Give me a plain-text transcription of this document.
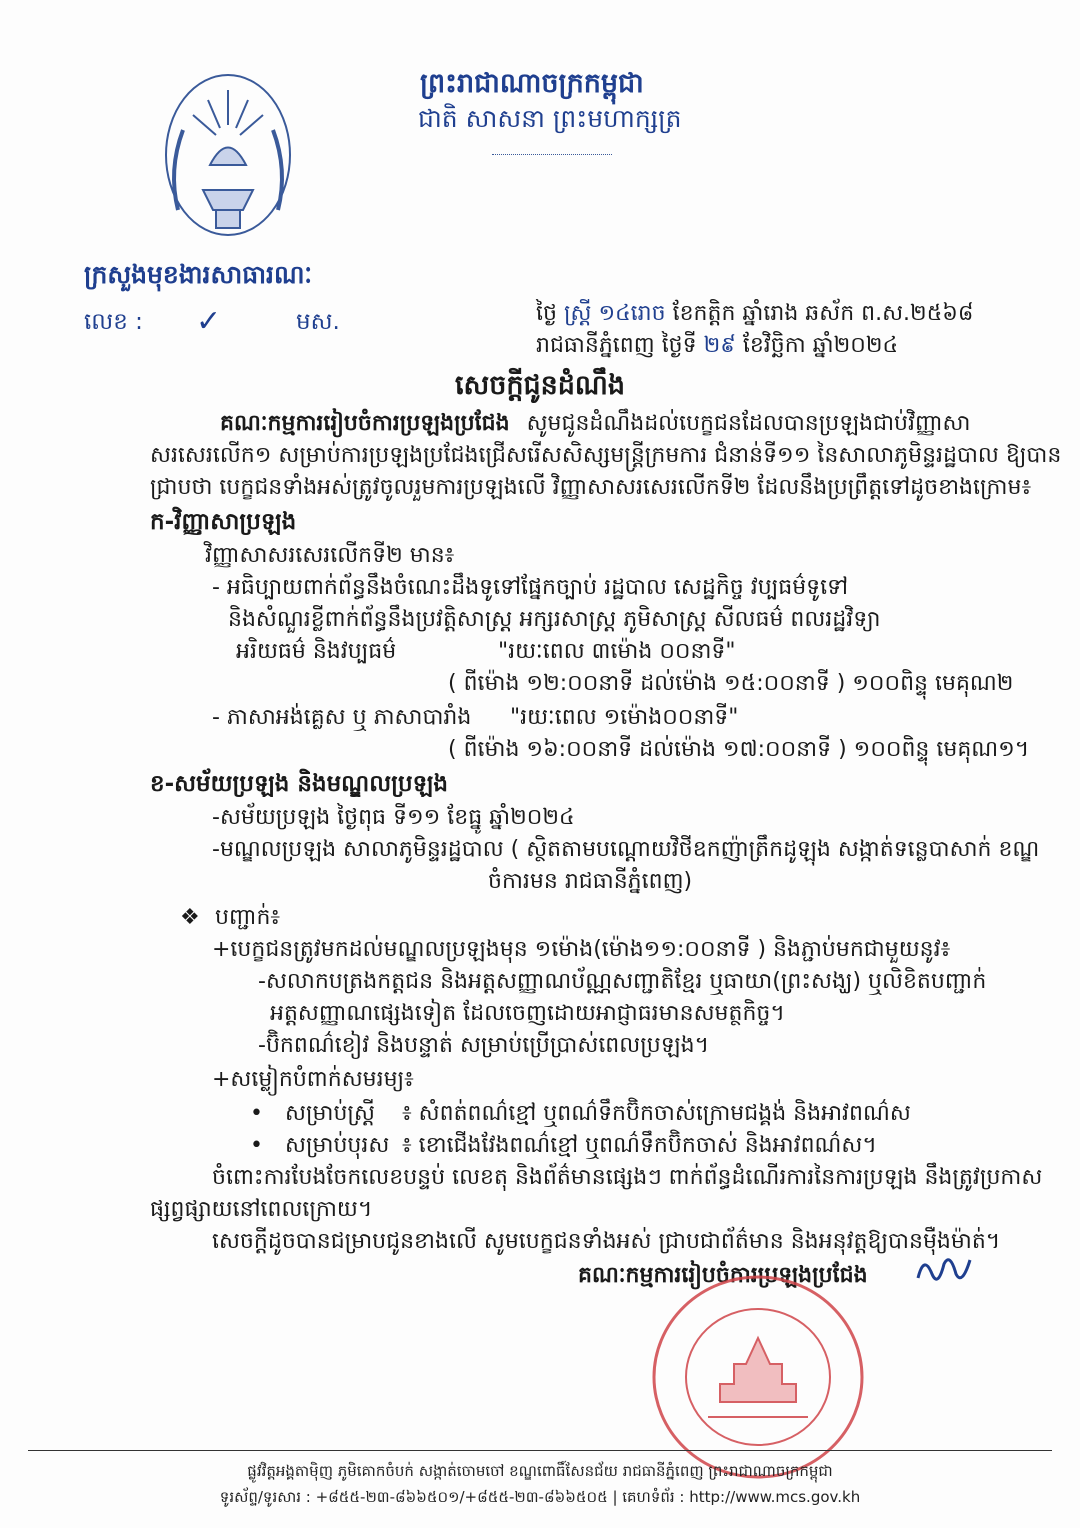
ព្រះរាជាណាចក្រកម្ពុជា
ជាតិ សាសនា ព្រះមហាក្សត្រ
ក្រសួងមុខងារសាធារណៈ
លេខ : ✓	មស.	ថ្ងៃ ស្រ្តី ១៤រោច ខែកត្តិក ឆ្នាំរោង ឆស័ក ព.ស.២៥៦៨
រាជធានីភ្នំពេញ ថ្ងៃទី ២៩ ខែវិច្ឆិកា ឆ្នាំ២០២៤
សេចក្តីជូនដំណឹង
គណៈកម្មការរៀបចំការប្រឡងប្រជែង សូមជូនដំណឹងដល់បេក្ខជនដែលបានប្រឡងជាប់វិញ្ញាសា
សរសេរលើក១ សម្រាប់ការប្រឡងប្រជែងជ្រើសរើសសិស្សមន្ត្រីក្រមការ ជំនាន់ទី១១ នៃសាលាភូមិន្ទរដ្ឋបាល ឱ្យបាន
ជ្រាបថា បេក្ខជនទាំងអស់ត្រូវចូលរួមការប្រឡងលើ វិញ្ញាសាសរសេរលើកទី២ ដែលនឹងប្រព្រឹត្តទៅដូចខាងក្រោម៖
ក-វិញ្ញាសាប្រឡង
វិញ្ញាសាសរសេរលើកទី២ មាន៖
- អធិប្បាយពាក់ព័ន្ធនឹងចំណេះដឹងទូទៅផ្នែកច្បាប់ រដ្ឋបាល សេដ្ឋកិច្ច វប្បធម៌ទូទៅ
និងសំណួរខ្លីពាក់ព័ន្ធនឹងប្រវត្តិសាស្ត្រ អក្សរសាស្ត្រ ភូមិសាស្ត្រ សីលធម៌ ពលរដ្ឋវិទ្យា
អរិយធម៌ និងវប្បធម៌	"រយៈពេល ៣ម៉ោង ០០នាទី"
( ពីម៉ោង ១២:០០នាទី ដល់ម៉ោង ១៥:០០នាទី ) ១០០ពិន្ទុ មេគុណ២
- ភាសាអង់គ្លេស ឬ ភាសាបារាំង "រយៈពេល ១ម៉ោង០០នាទី"
( ពីម៉ោង ១៦:០០នាទី ដល់ម៉ោង ១៧:០០នាទី ) ១០០ពិន្ទុ មេគុណ១។
ខ-សម័យប្រឡង និងមណ្ឌលប្រឡង
-សម័យប្រឡង ថ្ងៃពុធ ទី១១ ខែធ្នូ ឆ្នាំ២០២៤
-មណ្ឌលប្រឡង សាលាភូមិន្ទរដ្ឋបាល ( ស្ថិតតាមបណ្តោយវិថីឧកញ៉ាត្រឹកដូឡុង សង្កាត់ទន្លេបាសាក់ ខណ្ឌ
ចំការមន រាជធានីភ្នំពេញ)
❖ បញ្ជាក់៖
+បេក្ខជនត្រូវមកដល់មណ្ឌលប្រឡងមុន ១ម៉ោង(ម៉ោង១១:០០នាទី ) និងភ្ជាប់មកជាមួយនូវ៖
-សលាកបត្រងកត្តជន និងអត្តសញ្ញាណប័ណ្ណសញ្ជាតិខ្មែរ ឬធាយា(ព្រះសង្ឃ) ឬលិខិតបញ្ជាក់
អត្តសញ្ញាណផ្សេងទៀត ដែលចេញដោយអាជ្ញាធរមានសមត្ថកិច្ច។
-ប៊ិកពណ៌ខៀវ និងបន្ទាត់ សម្រាប់ប្រើប្រាស់ពេលប្រឡង។
+សម្លៀកបំពាក់សមរម្យ៖
• សម្រាប់ស្ត្រី ៖ សំពត់ពណ៌ខ្មៅ ឬពណ៌ទឹកប៊ិកចាស់ក្រោមជង្គង់ និងអាវពណ៌ស
• សម្រាប់បុរស ៖ ខោជើងវែងពណ៌ខ្មៅ ឬពណ៌ទឹកប៊ិកចាស់ និងអាវពណ៌ស។
ចំពោះការបែងចែកលេខបន្ទប់ លេខតុ និងព័ត៌មានផ្សេងៗ ពាក់ព័ន្ធដំណើរការនៃការប្រឡង នឹងត្រូវប្រកាស
ផ្សព្វផ្សាយនៅពេលក្រោយ។
សេចក្តីដូចបានជម្រាបជូនខាងលើ សូមបេក្ខជនទាំងអស់ ជ្រាបជាព័ត៌មាន និងអនុវត្តឱ្យបានម៉ឺងម៉ាត់។
គណៈកម្មការរៀបចំការប្រឡងប្រជែង
ផ្លូវវិត្តអង្គតាម៉ិញ ភូមិគោកចំបក់ សង្កាត់ចោមចៅ ខណ្ឌពោធិ៍សែនជ័យ រាជធានីភ្នំពេញ ព្រះរាជាណាចក្រកម្ពុជា
ទូរស័ព្ទ/ទូរសារ : +៨៥៥-២៣-៨៦៦៥០១/+៨៥៥-២៣-៨៦៦៥០៥ | គេហទំព័រ : http://www.mcs.gov.kh
